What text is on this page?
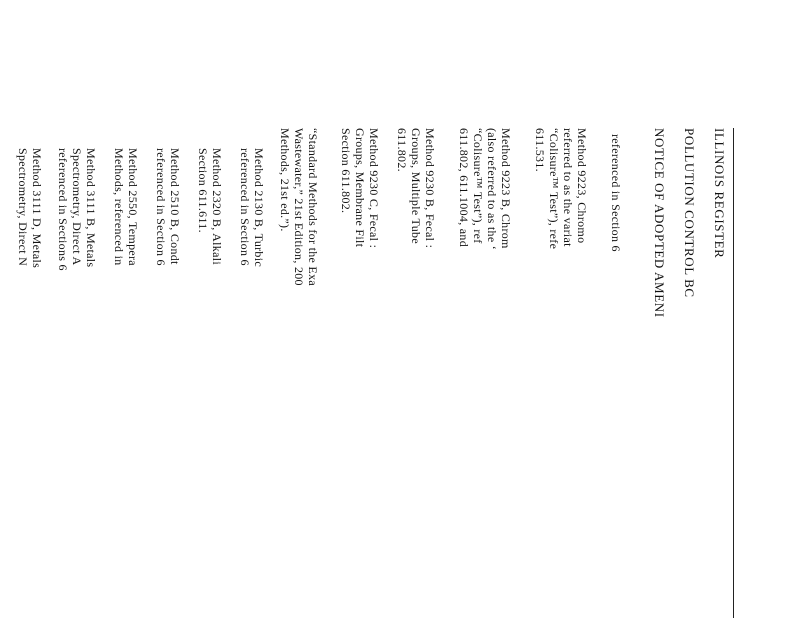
ILLINOIS REGISTER
POLLUTION CONTROL BC
NOTICE OF ADOPTED AMENI
referenced in Section 6
Method 9223, Chromo
referred to as the variat
“Colisure™ Test”), refe
611.531.
Method 9223 B, Chrom
(also referred to as the ‘
“Colisure™ Test”), ref
611.802, 611.1004, and
Method 9230 B, Fecal :
Groups, Multiple Tube
611.802.
Method 9230 C, Fecal :
Groups, Membrane Filt
Section 611.802.
“Standard Methods for the Exa
Wastewater,” 21st Edition, 200
Methods, 21st ed.”).
Method 2130 B, Turbic
referenced in Section 6
Method 2320 B, Alkali
Section 611.611.
Method 2510 B, Condt
referenced in Section 6
Method 2550, Tempera
Methods, referenced in
Method 3111 B, Metals
Spectrometry, Direct A
referenced in Sections 6
Method 3111 D, Metals
Spectrometry, Direct N
